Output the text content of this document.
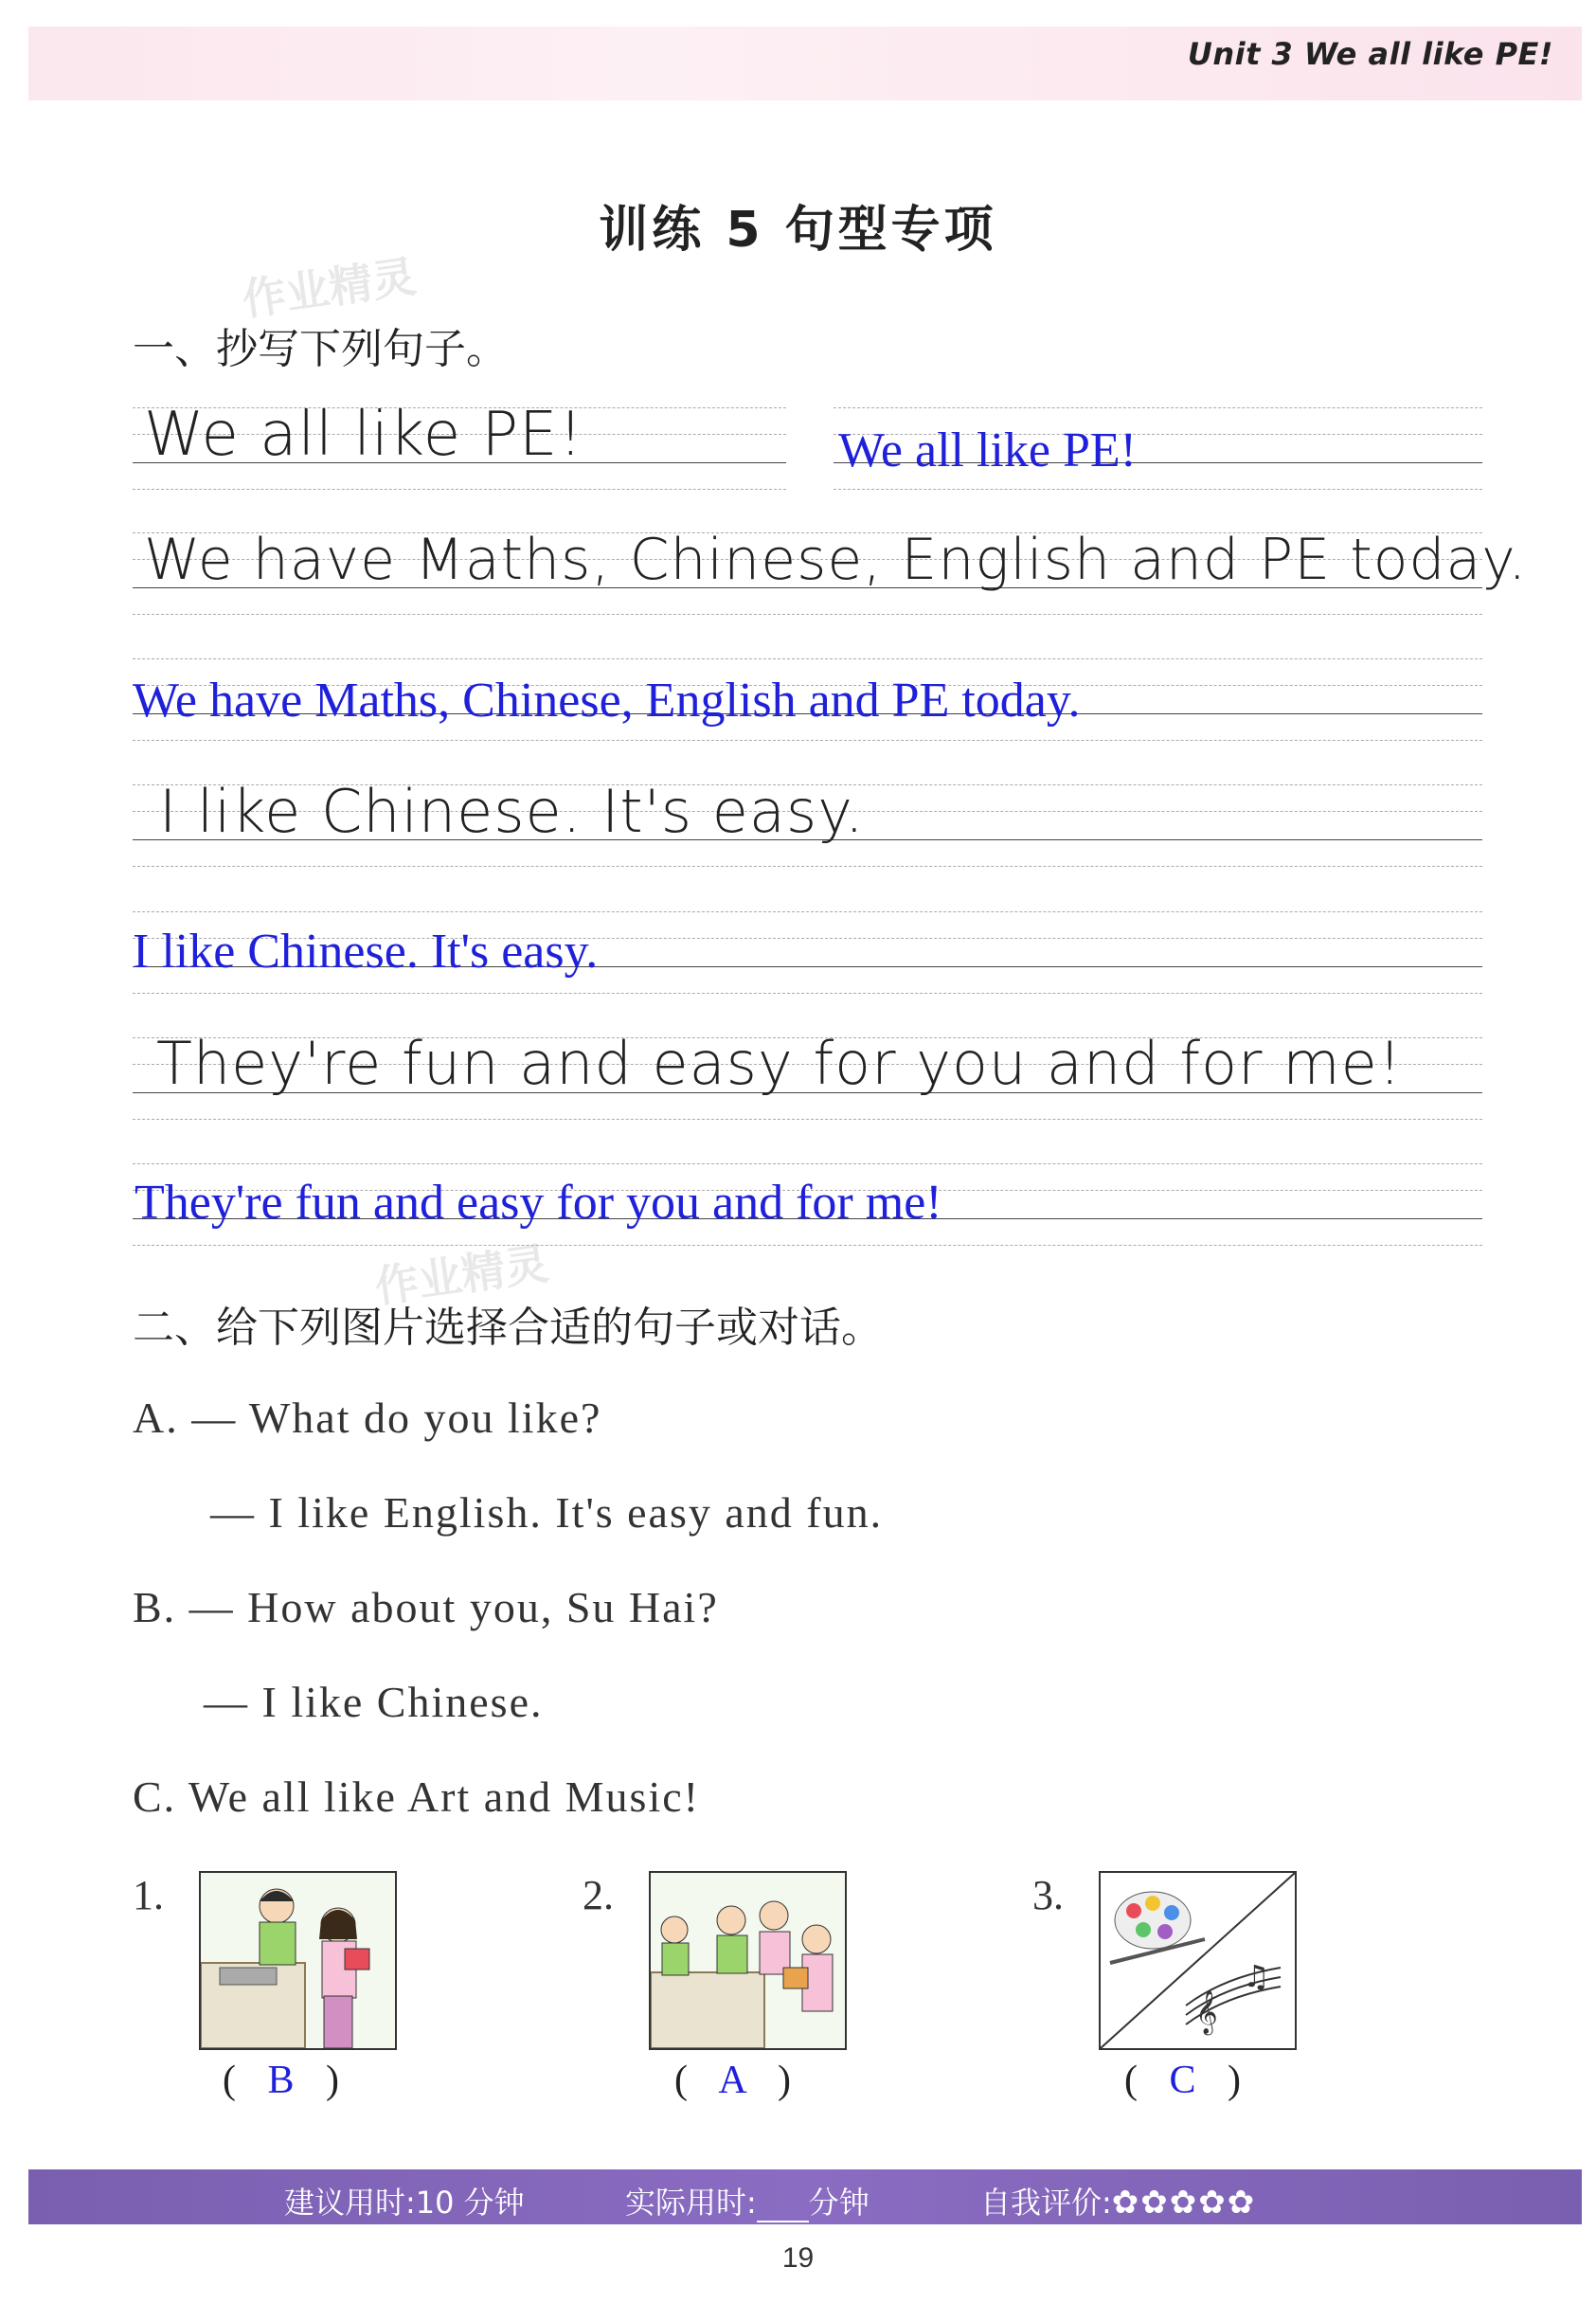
Unit 3 We all like PE!
训练 5 句型专项
作业精灵
作业精灵
一、抄写下列句子。
We all like PE!	We all like PE!
We have Maths, Chinese, English and PE today.
We have Maths, Chinese, English and PE today.
I like Chinese. It's easy.
I like Chinese. It's easy.
They're fun and easy for you and for me!
They're fun and easy for you and for me!
二、给下列图片选择合适的句子或对话。
A. — What do you like?
— I like English. It's easy and fun.
B. — How about you, Su Hai?
— I like Chinese.
C. We all like Art and Music!
1.
( B )
2.
( A )
3.
𝄞
♫
( C )
建议用时:10 分钟	实际用时: 分钟	自我评价:✿✿✿✿✿
19
